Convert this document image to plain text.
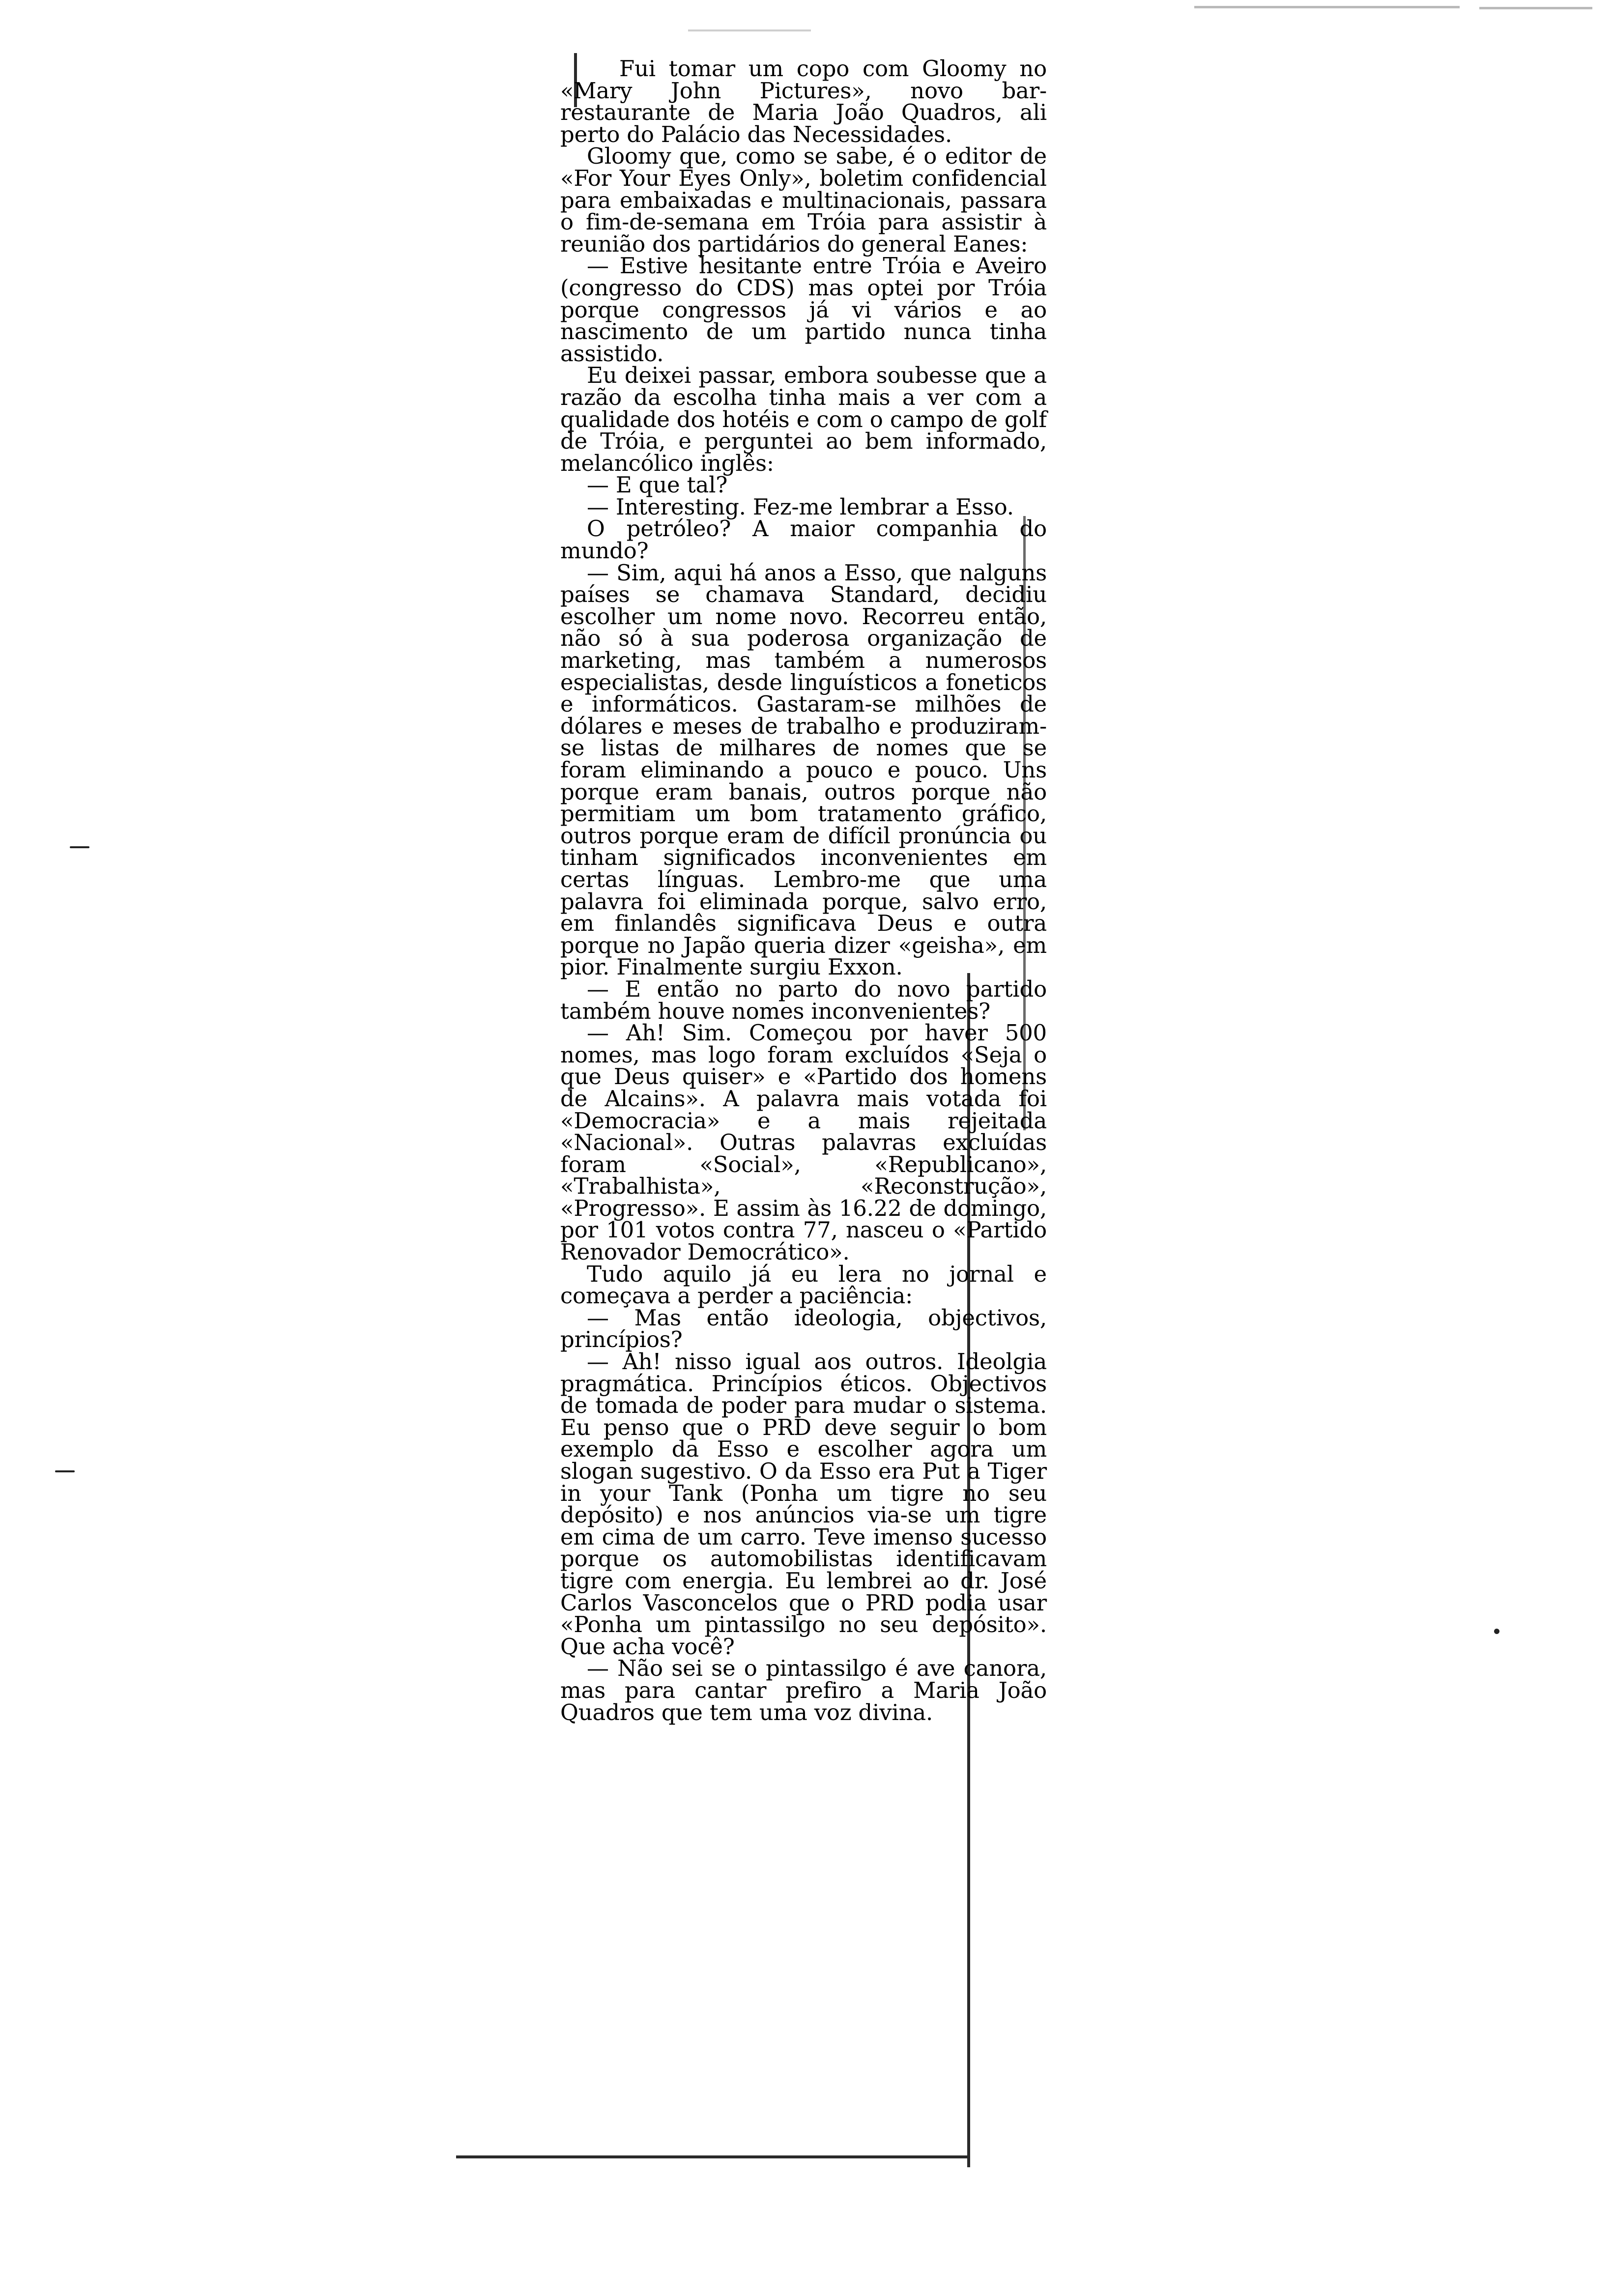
Fui tomar um copo com Gloomy no «Mary John Pictures», novo bar-restaurante de Maria João Quadros, ali perto do Palácio das Necessidades.

Gloomy que, como se sabe, é o editor de «For Your Eyes Only», boletim confidencial para embaixadas e multinacionais, passara o fim-de-semana em Tróia para assistir à reunião dos partidários do general Eanes:

— Estive hesitante entre Tróia e Aveiro (congresso do CDS) mas optei por Tróia porque congressos já vi vários e ao nascimento de um partido nunca tinha assistido.

Eu deixei passar, embora soubesse que a razão da escolha tinha mais a ver com a qualidade dos hotéis e com o campo de golf de Tróia, e perguntei ao bem informado, melancólico inglês:

— E que tal?

— Interesting. Fez-me lembrar a Esso.

O petróleo? A maior companhia do mundo?

— Sim, aqui há anos a Esso, que nalguns países se chamava Standard, decidiu escolher um nome novo. Recorreu então, não só à sua poderosa organização de marketing, mas também a numerosos especialistas, desde linguísticos a foneticos e informáticos. Gastaram-se milhões de dólares e meses de trabalho e produziram-se listas de milhares de nomes que se foram eliminando a pouco e pouco. Uns porque eram banais, outros porque não permitiam um bom tratamento gráfico, outros porque eram de difícil pronúncia ou tinham significados inconvenientes em certas línguas. Lembro-me que uma palavra foi eliminada porque, salvo erro, em finlandês significava Deus e outra porque no Japão queria dizer «geisha», em pior. Finalmente surgiu Exxon.

— E então no parto do novo partido também houve nomes inconvenientes?

— Ah! Sim. Começou por haver 500 nomes, mas logo foram excluídos «Seja o que Deus quiser» e «Partido dos homens de Alcains». A palavra mais votada foi «Democracia» e a mais rejeitada «Nacional». Outras palavras excluídas foram «Social», «Republicano», «Trabalhista», «Reconstrução», «Progresso». E assim às 16.22 de domingo, por 101 votos contra 77, nasceu o «Partido Renovador Democrático».

Tudo aquilo já eu lera no jornal e começava a perder a paciência:

— Mas então ideologia, objectivos, princípios?

— Ah! nisso igual aos outros. Ideolgia pragmática. Princípios éticos. Objectivos de tomada de poder para mudar o sistema. Eu penso que o PRD deve seguir o bom exemplo da Esso e escolher agora um slogan sugestivo. O da Esso era Put a Tiger in your Tank (Ponha um tigre no seu depósito) e nos anúncios via-se um tigre em cima de um carro. Teve imenso sucesso porque os automobilistas identificavam tigre com energia. Eu lembrei ao dr. José Carlos Vasconcelos que o PRD podia usar «Ponha um pintassilgo no seu depósito». Que acha você?

— Não sei se o pintassilgo é ave canora, mas para cantar prefiro a Maria João Quadros que tem uma voz divina.
